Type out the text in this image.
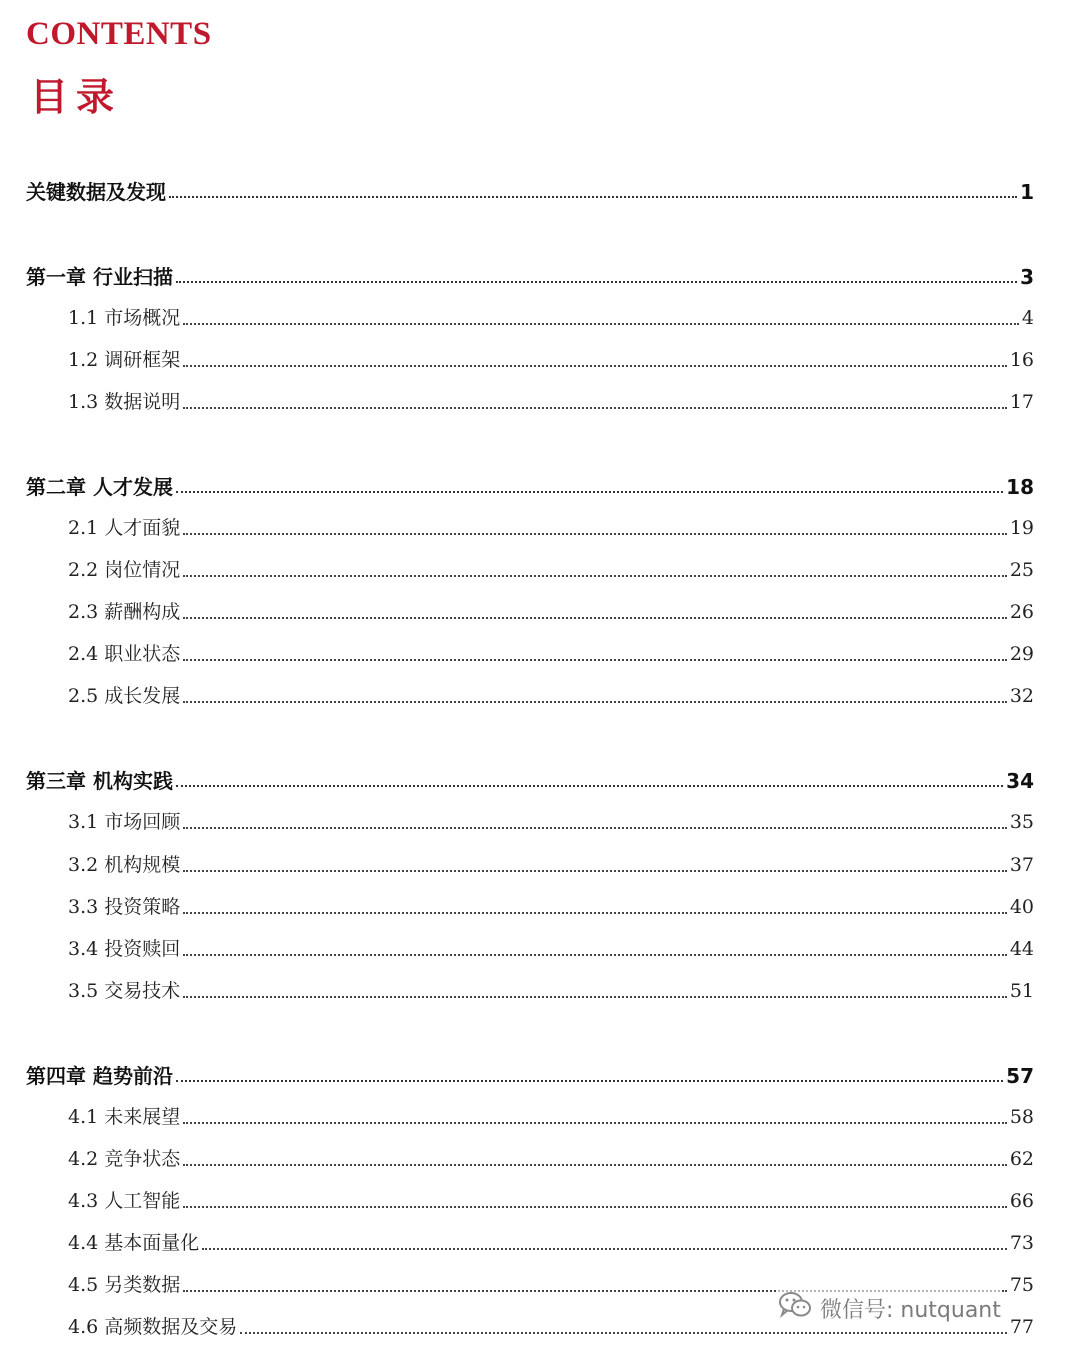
CONTENTS
目录
关键数据及发现	1
第一章 行业扫描	3
1.1 市场概况	4
1.2 调研框架	16
1.3 数据说明	17
第二章 人才发展	18
2.1 人才面貌	19
2.2 岗位情况	25
2.3 薪酬构成	26
2.4 职业状态	29
2.5 成长发展	32
第三章 机构实践	34
3.1 市场回顾	35
3.2 机构规模	37
3.3 投资策略	40
3.4 投资赎回	44
3.5 交易技术	51
第四章 趋势前沿	57
4.1 未来展望	58
4.2 竞争状态	62
4.3 人工智能	66
4.4 基本面量化	73
4.5 另类数据	75
4.6 高频数据及交易	77
微信号: nutquant
